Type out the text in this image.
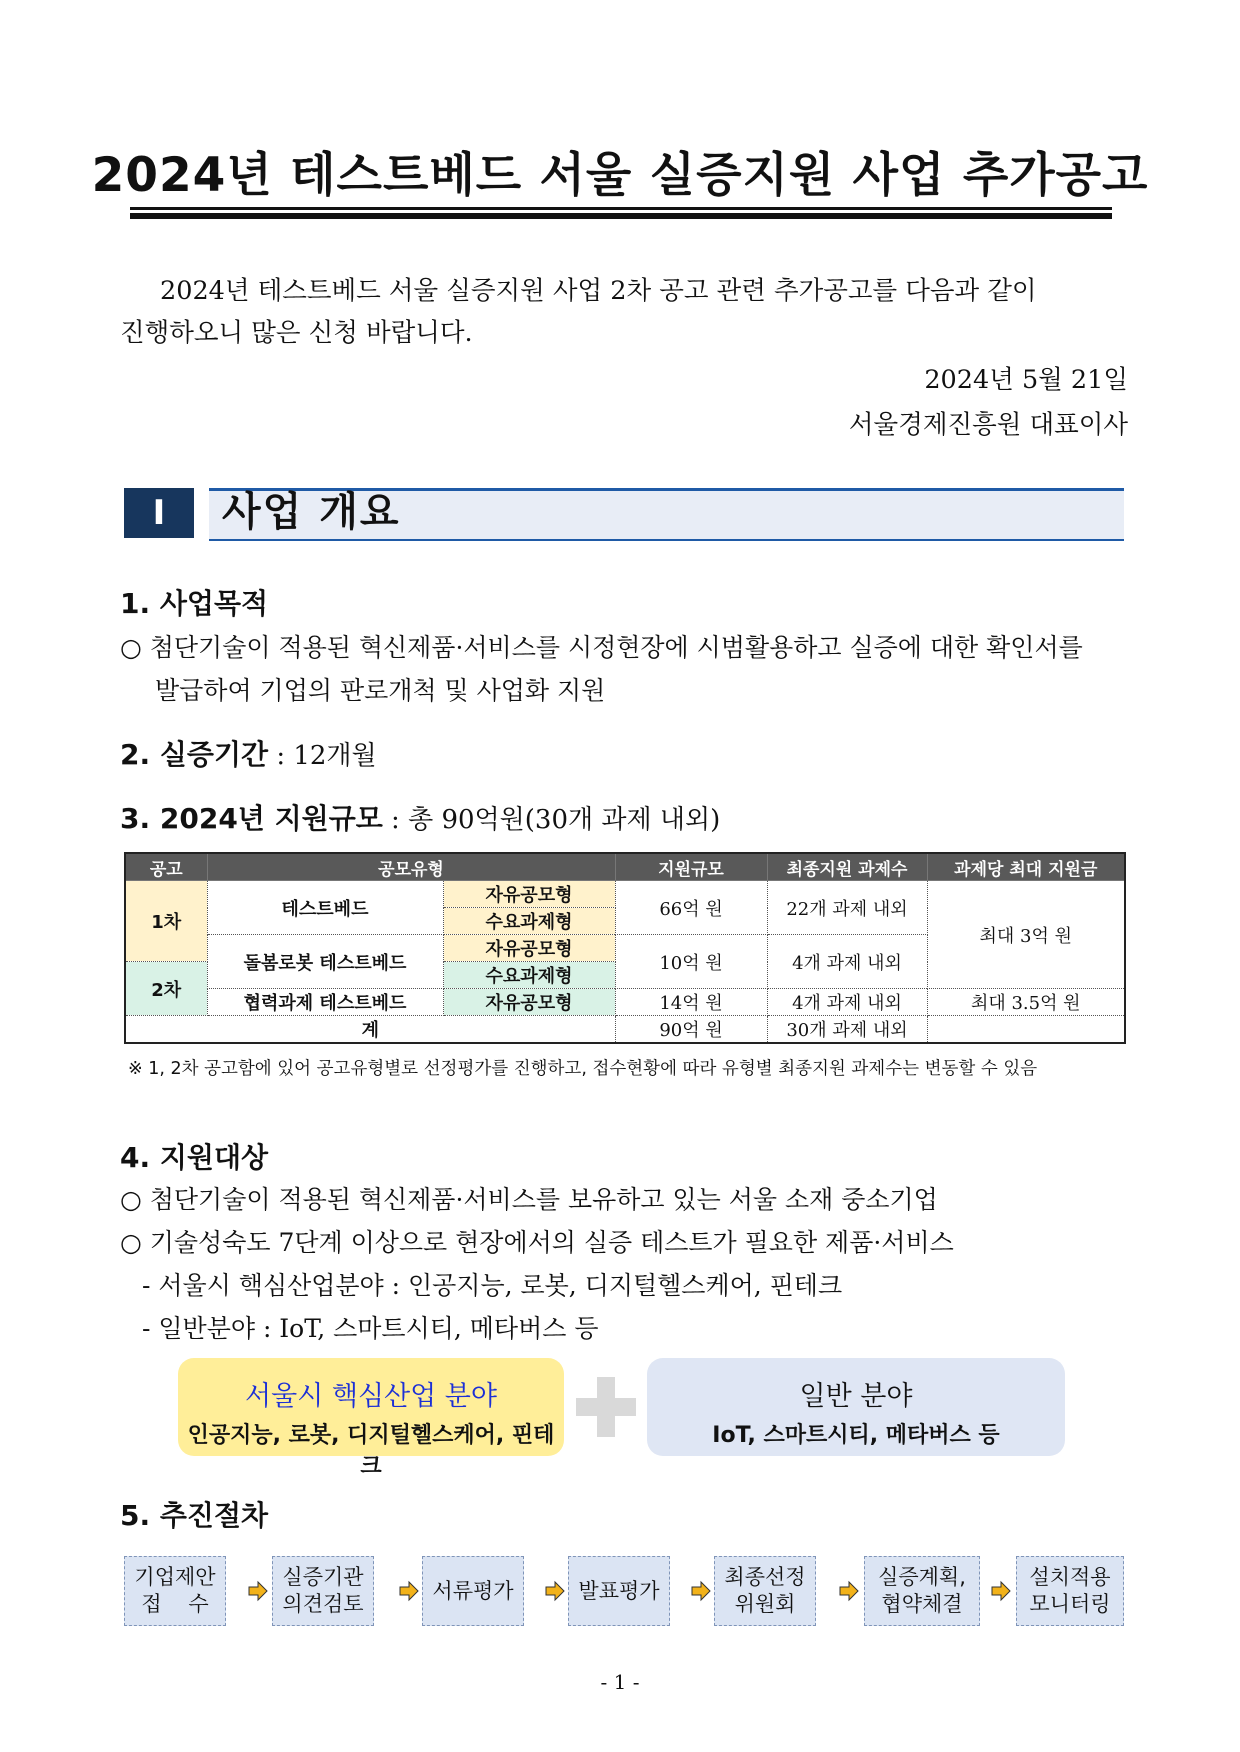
2024년 테스트베드 서울 실증지원 사업 추가공고
2024년 테스트베드 서울 실증지원 사업 2차 공고 관련 추가공고를 다음과 같이
진행하오니 많은 신청 바랍니다.
2024년 5월 21일
서울경제진흥원 대표이사
Ⅰ	사업 개요
1. 사업목적
○ 첨단기술이 적용된 혁신제품·서비스를 시정현장에 시범활용하고 실증에 대한 확인서를
발급하여 기업의 판로개척 및 사업화 지원
2. 실증기간 : 12개월
3. 2024년 지원규모 : 총 90억원(30개 과제 내외)
공고	공모유형		지원규모	최종지원 과제수	과제당 최대 지원금
1차	테스트베드	자유공모형	66억 원	22개 과제 내외	최대 3억 원
		수요과제형			
	돌봄로봇 테스트베드	자유공모형	10억 원	4개 과제 내외	
2차		수요과제형			
	협력과제 테스트베드	자유공모형	14억 원	4개 과제 내외	최대 3.5억 원
계			90억 원	30개 과제 내외	
※ 1, 2차 공고함에 있어 공고유형별로 선정평가를 진행하고, 접수현황에 따라 유형별 최종지원 과제수는 변동할 수 있음
4. 지원대상
○ 첨단기술이 적용된 혁신제품·서비스를 보유하고 있는 서울 소재 중소기업
○ 기술성숙도 7단계 이상으로 현장에서의 실증 테스트가 필요한 제품·서비스
- 서울시 핵심산업분야 : 인공지능, 로봇, 디지털헬스케어, 핀테크
- 일반분야 : IoT, 스마트시티, 메타버스 등
서울시 핵심산업 분야
인공지능, 로봇, 디지털헬스케어, 핀테크
일반 분야
IoT, 스마트시티, 메타버스 등
5. 추진절차
기업제안
접    수
실증기관
의견검토
서류평가	발표평가
최종선정
위원회
실증계획,
협약체결
설치적용
모니터링
- 1 -
